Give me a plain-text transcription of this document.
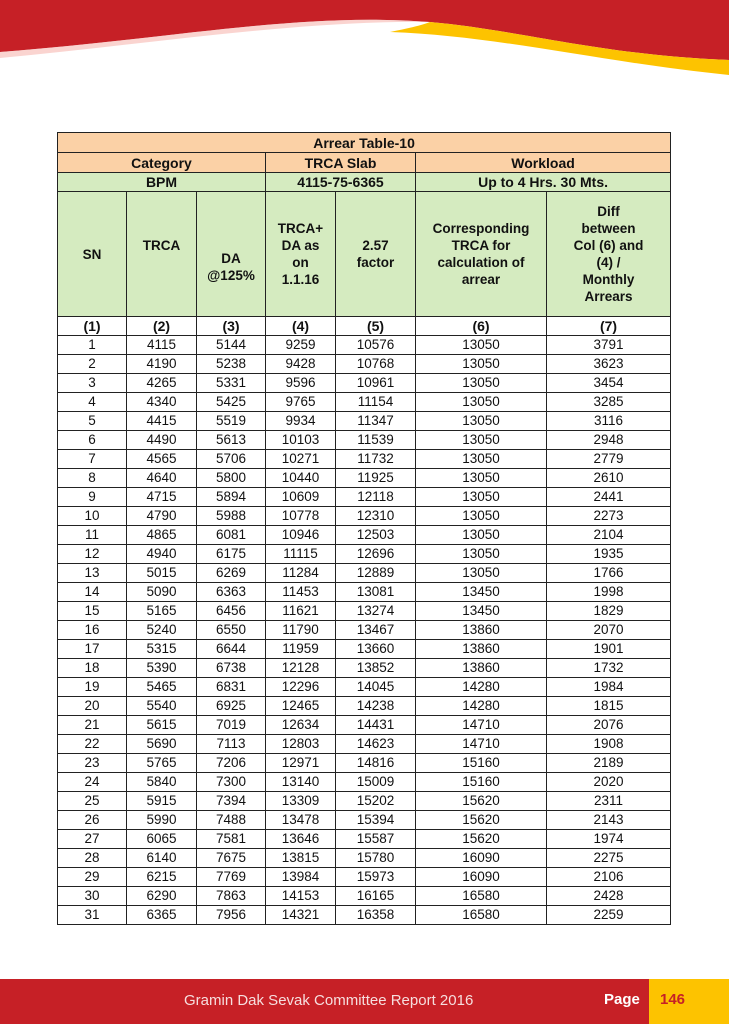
Arrear Table-10						
Category			TRCA Slab		Workload	
BPM			4115-75-6365		Up to 4 Hrs. 30 Mts.	
SN	TRCA	DA @125%	TRCA+ DA as on 1.1.16	2.57 factor	Corresponding TRCA for calculation of arrear	Diff between Col (6) and (4) / Monthly Arrears
(1)	(2)	(3)	(4)	(5)	(6)	(7)
1	4115	5144	9259	10576	13050	3791
2	4190	5238	9428	10768	13050	3623
3	4265	5331	9596	10961	13050	3454
4	4340	5425	9765	11154	13050	3285
5	4415	5519	9934	11347	13050	3116
6	4490	5613	10103	11539	13050	2948
7	4565	5706	10271	11732	13050	2779
8	4640	5800	10440	11925	13050	2610
9	4715	5894	10609	12118	13050	2441
10	4790	5988	10778	12310	13050	2273
11	4865	6081	10946	12503	13050	2104
12	4940	6175	11115	12696	13050	1935
13	5015	6269	11284	12889	13050	1766
14	5090	6363	11453	13081	13450	1998
15	5165	6456	11621	13274	13450	1829
16	5240	6550	11790	13467	13860	2070
17	5315	6644	11959	13660	13860	1901
18	5390	6738	12128	13852	13860	1732
19	5465	6831	12296	14045	14280	1984
20	5540	6925	12465	14238	14280	1815
21	5615	7019	12634	14431	14710	2076
22	5690	7113	12803	14623	14710	1908
23	5765	7206	12971	14816	15160	2189
24	5840	7300	13140	15009	15160	2020
25	5915	7394	13309	15202	15620	2311
26	5990	7488	13478	15394	15620	2143
27	6065	7581	13646	15587	15620	1974
28	6140	7675	13815	15780	16090	2275
29	6215	7769	13984	15973	16090	2106
30	6290	7863	14153	16165	16580	2428
31	6365	7956	14321	16358	16580	2259
Gramin Dak Sevak Committee Report 2016	Page 146
